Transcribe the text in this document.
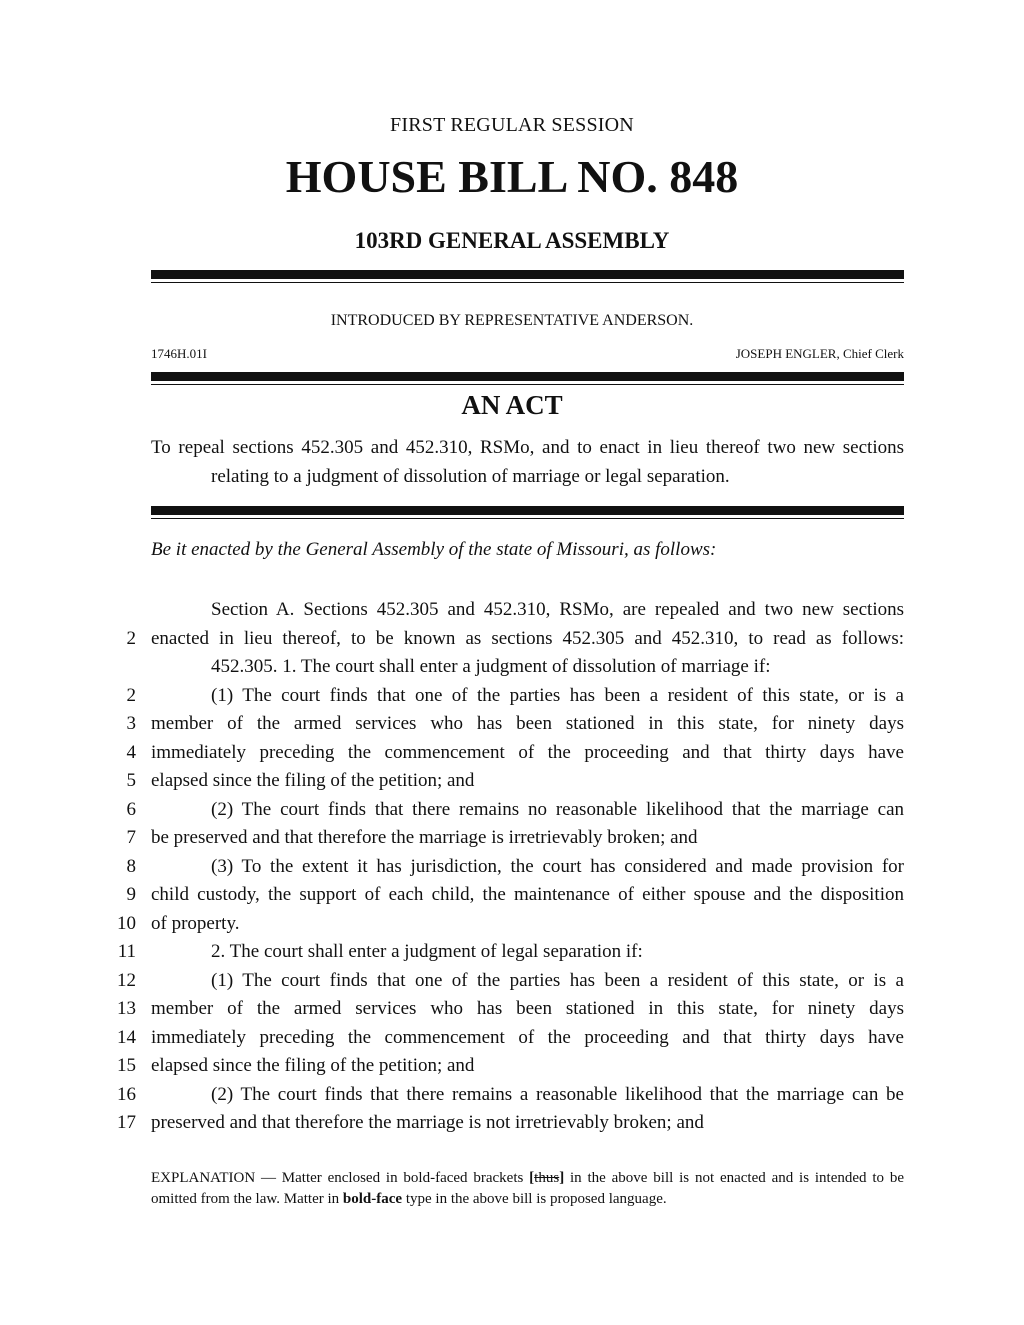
FIRST REGULAR SESSION
HOUSE BILL NO. 848
103RD GENERAL ASSEMBLY
INTRODUCED BY REPRESENTATIVE ANDERSON.
1746H.01I	JOSEPH ENGLER, Chief Clerk
AN ACT
To repeal sections 452.305 and 452.310, RSMo, and to enact in lieu thereof two new sections
relating to a judgment of dissolution of marriage or legal separation.
Be it enacted by the General Assembly of the state of Missouri, as follows:
Section A. Sections 452.305 and 452.310, RSMo, are repealed and two new sections
2 enacted in lieu thereof, to be known as sections 452.305 and 452.310, to read as follows:
452.305. 1. The court shall enter a judgment of dissolution of marriage if:
2	(1) The court finds that one of the parties has been a resident of this state, or is a
3 member of the armed services who has been stationed in this state, for ninety days
4 immediately preceding the commencement of the proceeding and that thirty days have
5 elapsed since the filing of the petition; and
6	(2) The court finds that there remains no reasonable likelihood that the marriage can
7 be preserved and that therefore the marriage is irretrievably broken; and
8	(3) To the extent it has jurisdiction, the court has considered and made provision for
9 child custody, the support of each child, the maintenance of either spouse and the disposition
10 of property.
11	2. The court shall enter a judgment of legal separation if:
12	(1) The court finds that one of the parties has been a resident of this state, or is a
13 member of the armed services who has been stationed in this state, for ninety days
14 immediately preceding the commencement of the proceeding and that thirty days have
15 elapsed since the filing of the petition; and
16	(2) The court finds that there remains a reasonable likelihood that the marriage can be
17 preserved and that therefore the marriage is not irretrievably broken; and
EXPLANATION — Matter enclosed in bold-faced brackets [thus] in the above bill is not enacted and is intended to be omitted from the law. Matter in bold-face type in the above bill is proposed language.
